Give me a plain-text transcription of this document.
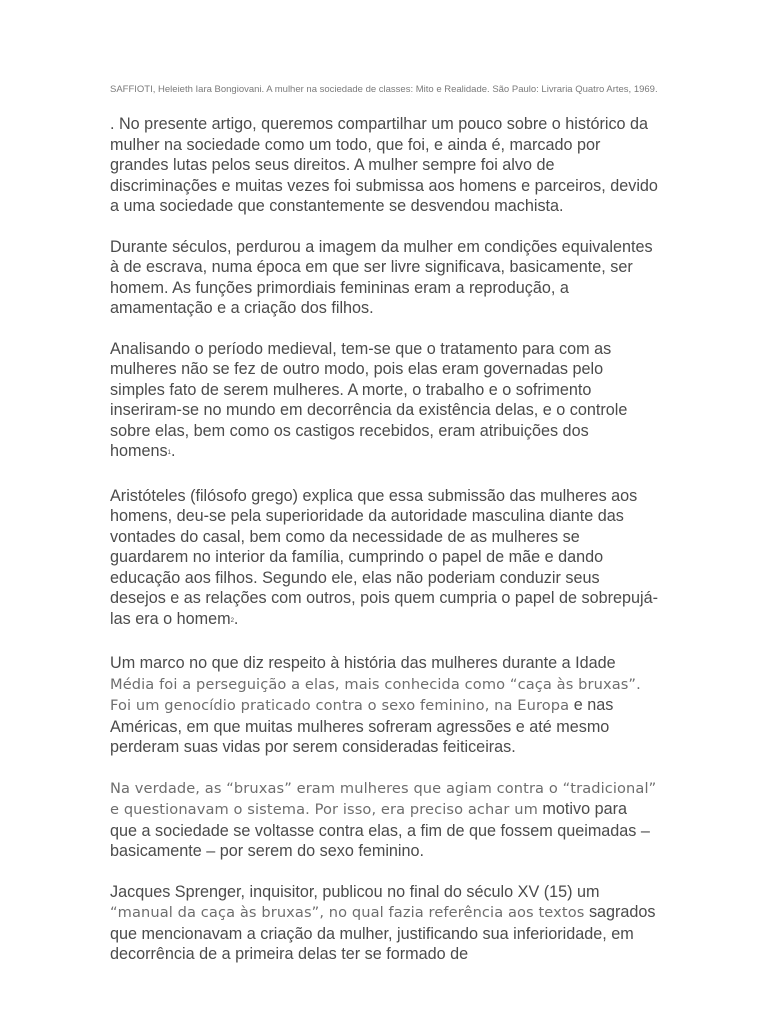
SAFFIOTI, Heleieth Iara Bongiovani. A mulher na sociedade de classes: Mito e Realidade. São Paulo: Livraria Quatro Artes, 1969.

. No presente artigo, queremos compartilhar um pouco sobre o histórico da mulher na sociedade como um todo, que foi, e ainda é, marcado por grandes lutas pelos seus direitos. A mulher sempre foi alvo de discriminações e muitas vezes foi submissa aos homens e parceiros, devido a uma sociedade que constantemente se desvendou machista.

Durante séculos, perdurou a imagem da mulher em condições equivalentes à de escrava, numa época em que ser livre significava, basicamente, ser homem. As funções primordiais femininas eram a reprodução, a amamentação e a criação dos filhos.

Analisando o período medieval, tem-se que o tratamento para com as mulheres não se fez de outro modo, pois elas eram governadas pelo simples fato de serem mulheres. A morte, o trabalho e o sofrimento inseriram-se no mundo em decorrência da existência delas, e o controle sobre elas, bem como os castigos recebidos, eram atribuições dos homens$^1$.

Aristóteles (filósofo grego) explica que essa submissão das mulheres aos homens, deu-se pela superioridade da autoridade masculina diante das vontades do casal, bem como da necessidade de as mulheres se guardarem no interior da família, cumprindo o papel de mãe e dando educação aos filhos. Segundo ele, elas não poderiam conduzir seus desejos e as relações com outros, pois quem cumpria o papel de sobrepujá-las era o homem$^2$.

Um marco no que diz respeito à história das mulheres durante a Idade Média foi a perseguição a elas, mais conhecida como “caça às bruxas”. Foi um genocídio praticado contra o sexo feminino, na Europa e nas Américas, em que muitas mulheres sofreram agressões e até mesmo perderam suas vidas por serem consideradas feiticeiras.

Na verdade, as “bruxas” eram mulheres que agiam contra o “tradicional” e questionavam o sistema. Por isso, era preciso achar um motivo para que a sociedade se voltasse contra elas, a fim de que fossem queimadas – basicamente – por serem do sexo feminino.

Jacques Sprenger, inquisitor, publicou no final do século XV (15) um “manual da caça às bruxas”, no qual fazia referência aos textos sagrados que mencionavam a criação da mulher, justificando sua inferioridade, em decorrência de a primeira delas ter se formado de
